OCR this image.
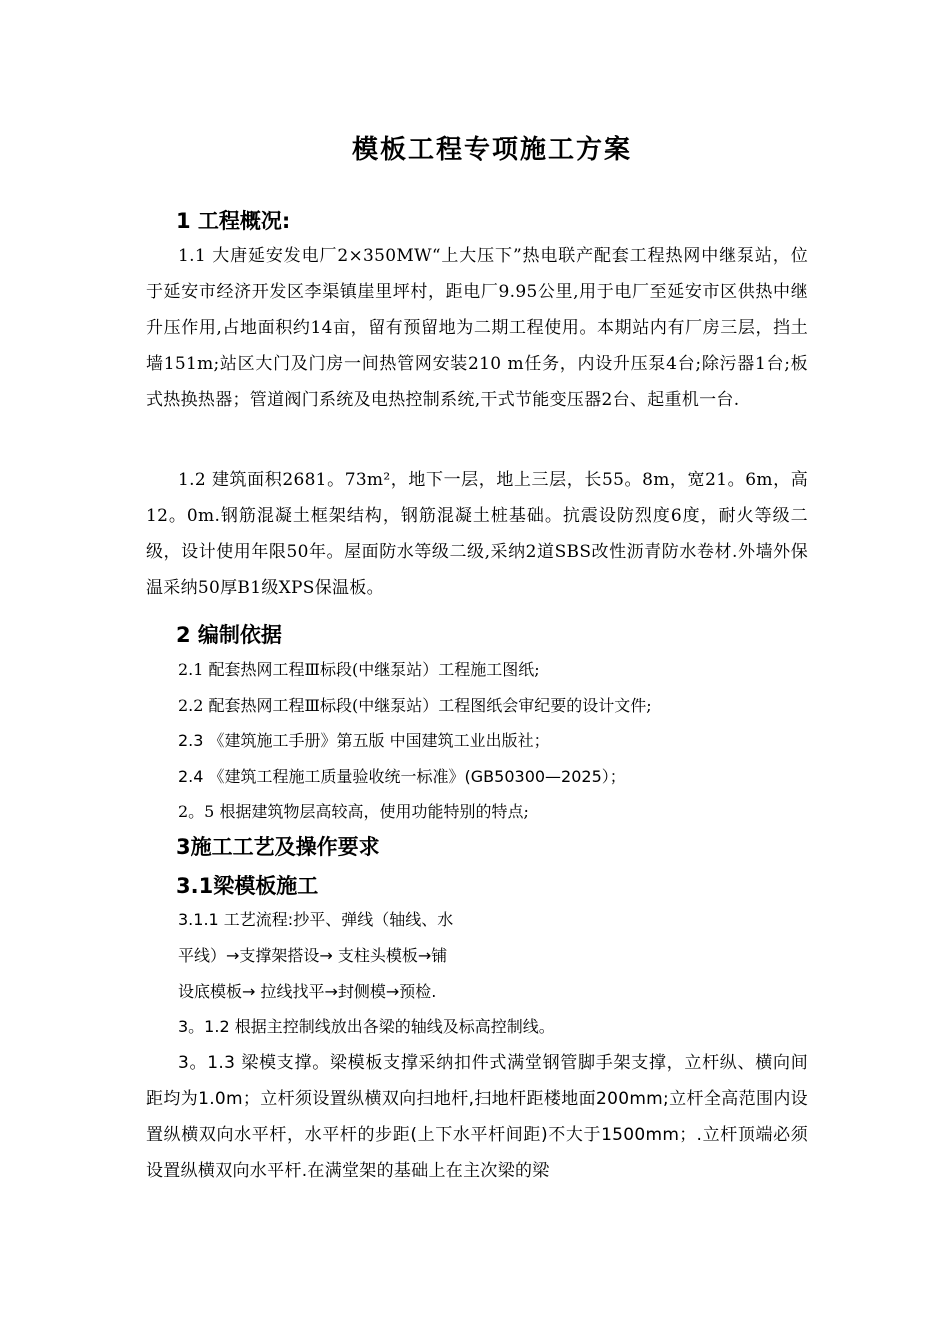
模板工程专项施工方案
1 工程概况:
1.1 大唐延安发电厂2×350MW“上大压下”热电联产配套工程热网中继泵站，位于延安市经济开发区李渠镇崖里坪村，距电厂9.95公里,用于电厂至延安市区供热中继升压作用,占地面积约14亩，留有预留地为二期工程使用。本期站内有厂房三层，挡土墙151m;站区大门及门房一间热管网安装210 m任务，内设升压泵4台;除污器1台;板式热换热器；管道阀门系统及电热控制系统,干式节能变压器2台、起重机一台.
1.2 建筑面积2681。73m²，地下一层，地上三层，长55。8m，宽21。6m，高12。0m.钢筋混凝土框架结构，钢筋混凝土桩基础。抗震设防烈度6度，耐火等级二级，设计使用年限50年。屋面防水等级二级,采纳2道SBS改性沥青防水卷材.外墙外保温采纳50厚B1级XPS保温板。
2 编制依据
2.1 配套热网工程Ⅲ标段(中继泵站）工程施工图纸;
2.2 配套热网工程Ⅲ标段(中继泵站）工程图纸会审纪要的设计文件;
2.3 《建筑施工手册》第五版 中国建筑工业出版社；
2.4 《建筑工程施工质量验收统一标准》(GB50300—2025）；
2。5 根据建筑物层高较高，使用功能特别的特点;
3施工工艺及操作要求
3.1梁模板施工
3.1.1 工艺流程:抄平、弹线（轴线、水
平线）→支撑架搭设→ 支柱头模板→铺
设底模板→ 拉线找平→封侧模→预检.
3。1.2 根据主控制线放出各梁的轴线及标高控制线。
3。1.3 梁模支撑。梁模板支撑采纳扣件式满堂钢管脚手架支撑，立杆纵、横向间距均为1.0m；立杆须设置纵横双向扫地杆,扫地杆距楼地面200mm;立杆全高范围内设置纵横双向水平杆，水平杆的步距(上下水平杆间距)不大于1500mm；.立杆顶端必须设置纵横双向水平杆.在满堂架的基础上在主次梁的梁
